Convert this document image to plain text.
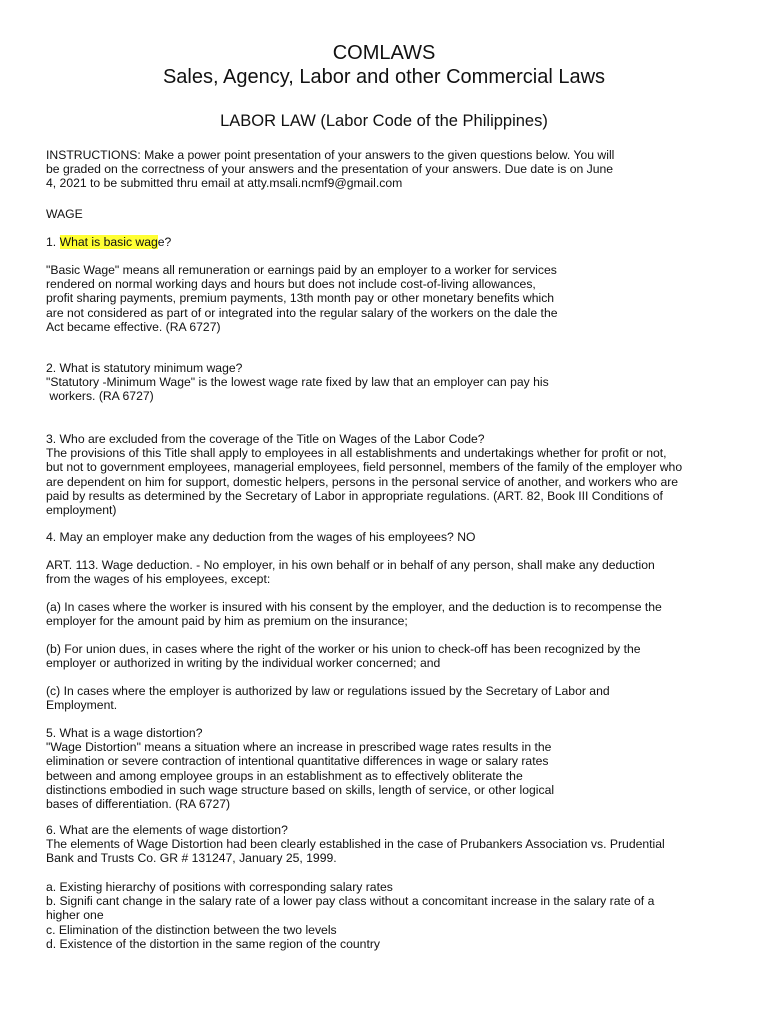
COMLAWS
Sales, Agency, Labor and other Commercial Laws
LABOR LAW (Labor Code of the Philippines)
INSTRUCTIONS: Make a power point presentation of your answers to the given questions below. You will
be graded on the correctness of your answers and the presentation of your answers. Due date is on June
4, 2021 to be submitted thru email at atty.msali.ncmf9@gmail.com
WAGE
1. What is basic wage?
"Basic Wage" means all remuneration or earnings paid by an employer to a worker for services
rendered on normal working days and hours but does not include cost-of-living allowances,
profit sharing payments, premium payments, 13th month pay or other monetary benefits which
are not considered as part of or integrated into the regular salary of the workers on the dale the
Act became effective. (RA 6727)
2. What is statutory minimum wage?
"Statutory -Minimum Wage" is the lowest wage rate fixed by law that an employer can pay his
workers. (RA 6727)
3. Who are excluded from the coverage of the Title on Wages of the Labor Code?
The provisions of this Title shall apply to employees in all establishments and undertakings whether for profit or not,
but not to government employees, managerial employees, field personnel, members of the family of the employer who
are dependent on him for support, domestic helpers, persons in the personal service of another, and workers who are
paid by results as determined by the Secretary of Labor in appropriate regulations. (ART. 82, Book III Conditions of
employment)
4. May an employer make any deduction from the wages of his employees? NO
ART. 113. Wage deduction. - No employer, in his own behalf or in behalf of any person, shall make any deduction
from the wages of his employees, except:
(a) In cases where the worker is insured with his consent by the employer, and the deduction is to recompense the
employer for the amount paid by him as premium on the insurance;
(b) For union dues, in cases where the right of the worker or his union to check-off has been recognized by the
employer or authorized in writing by the individual worker concerned; and
(c) In cases where the employer is authorized by law or regulations issued by the Secretary of Labor and
Employment.
5. What is a wage distortion?
"Wage Distortion" means a situation where an increase in prescribed wage rates results in the
elimination or severe contraction of intentional quantitative differences in wage or salary rates
between and among employee groups in an establishment as to effectively obliterate the
distinctions embodied in such wage structure based on skills, length of service, or other logical
bases of differentiation. (RA 6727)
6. What are the elements of wage distortion?
The elements of Wage Distortion had been clearly established in the case of Prubankers Association vs. Prudential
Bank and Trusts Co. GR # 131247, January 25, 1999.
a. Existing hierarchy of positions with corresponding salary rates
b. Signifi cant change in the salary rate of a lower pay class without a concomitant increase in the salary rate of a
higher one
c. Elimination of the distinction between the two levels
d. Existence of the distortion in the same region of the country
